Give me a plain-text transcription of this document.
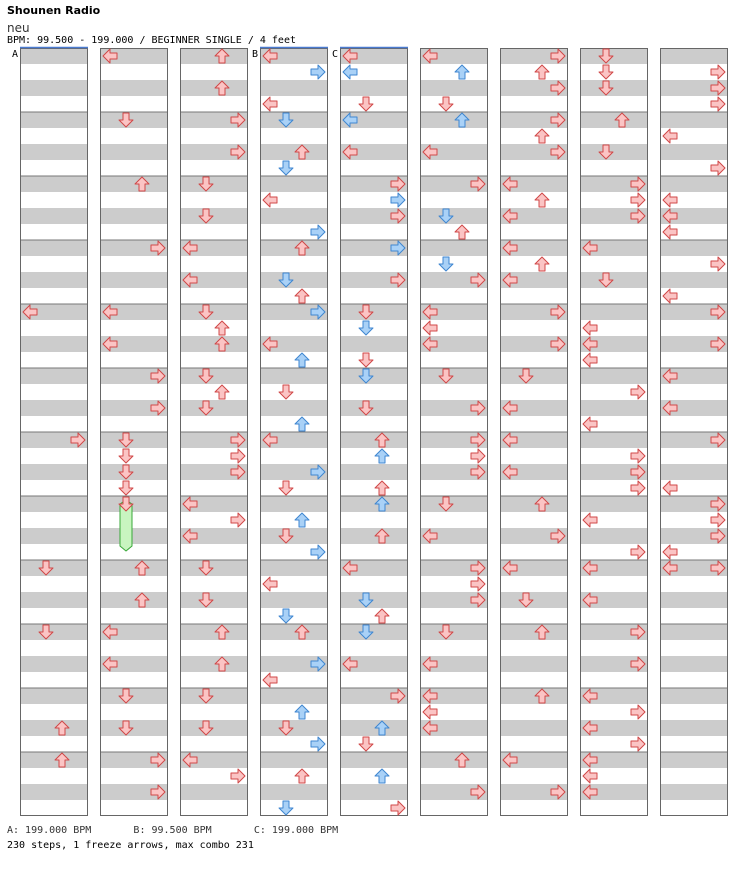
Shounen Radio
neu
BPM: 99.500 - 199.000 / BEGINNER SINGLE / 4 feet
A	B	C
A: 199.000 BPM       B: 99.500 BPM       C: 199.000 BPM
230 steps, 1 freeze arrows, max combo 231
